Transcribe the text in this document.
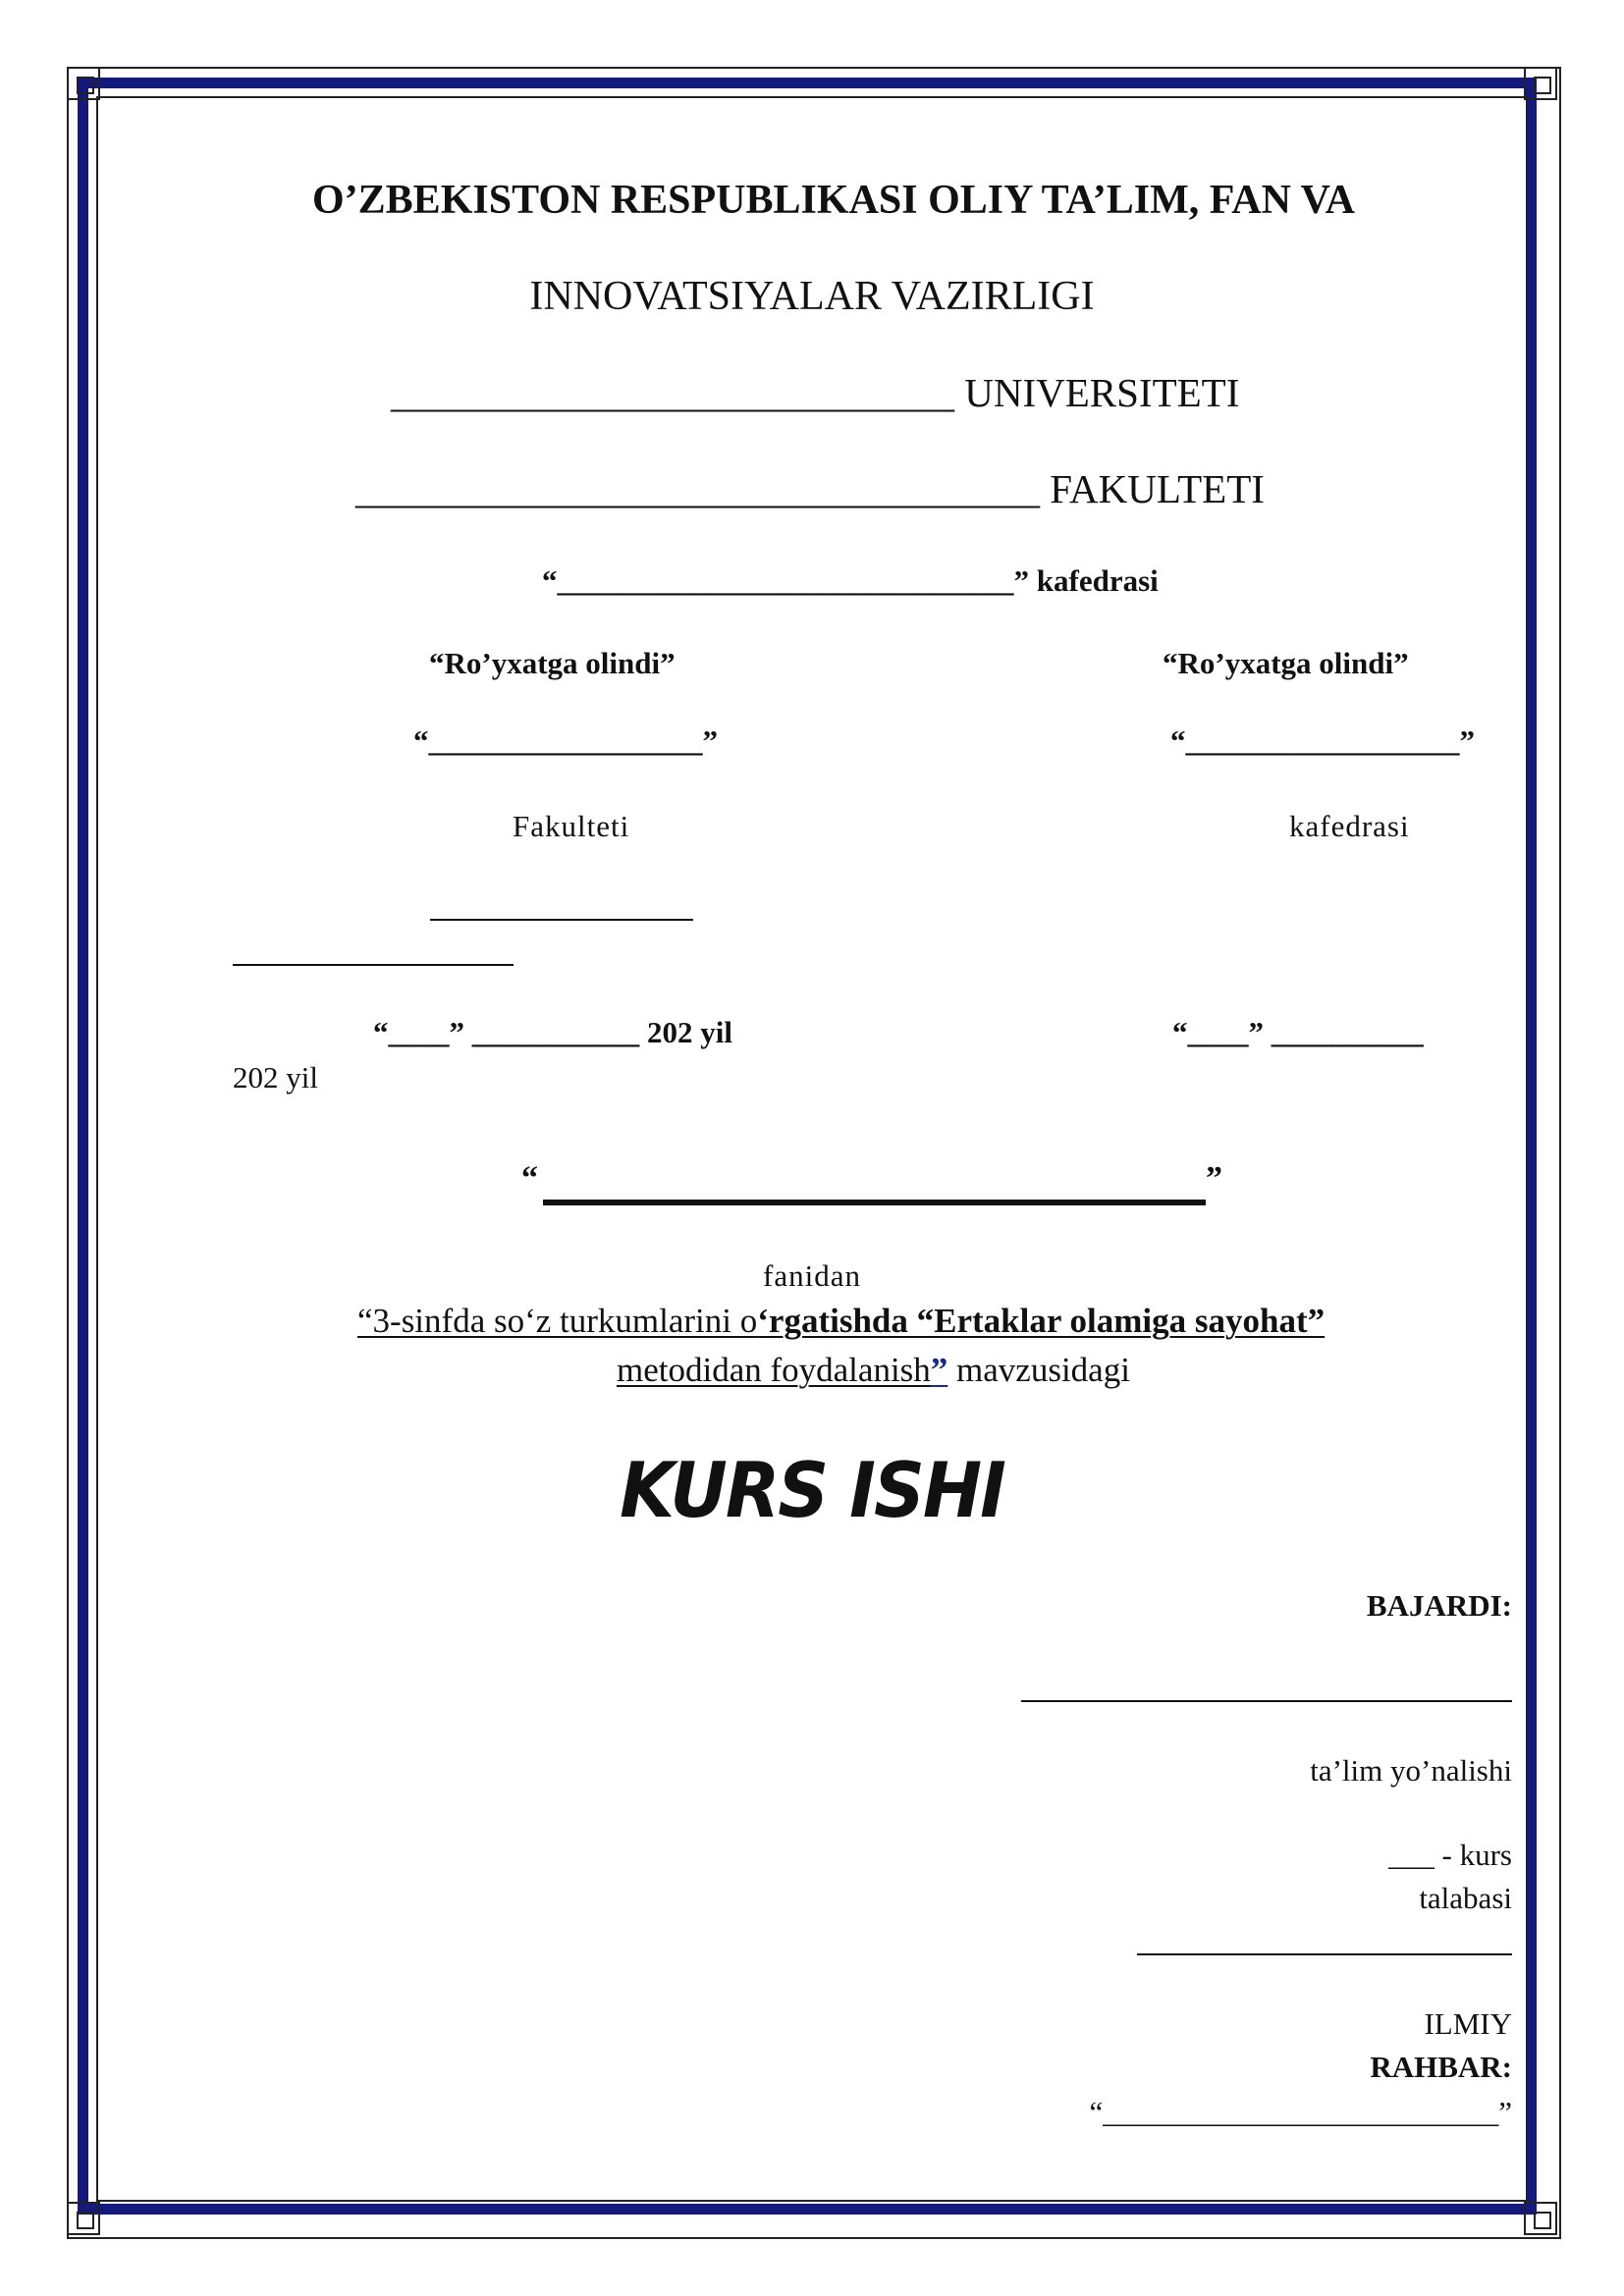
O’ZBEKISTON RESPUBLIKASI OLIY TA’LIM, FAN VA
INNOVATSIYALAR VAZIRLIGI
____________________________ UNIVERSITETI
__________________________________ FAKULTETI
“______________________________” kafedrasi
“Ro’yxatga olindi”	“Ro’yxatga olindi”
“__________________”	“__________________”
Fakulteti	kafedrasi
“____” ___________ 202 yil	“____” __________
202 yil
“	”
fanidan
“3-sinfda so‘z turkumlarini o‘rgatishda “Ertaklar olamiga sayohat”
metodidan foydalanish” mavzusidagi
KURS ISHI
BAJARDI:
ta’lim yo’nalishi
___ - kurs
talabasi
ILMIY
RAHBAR:
“__________________________”
